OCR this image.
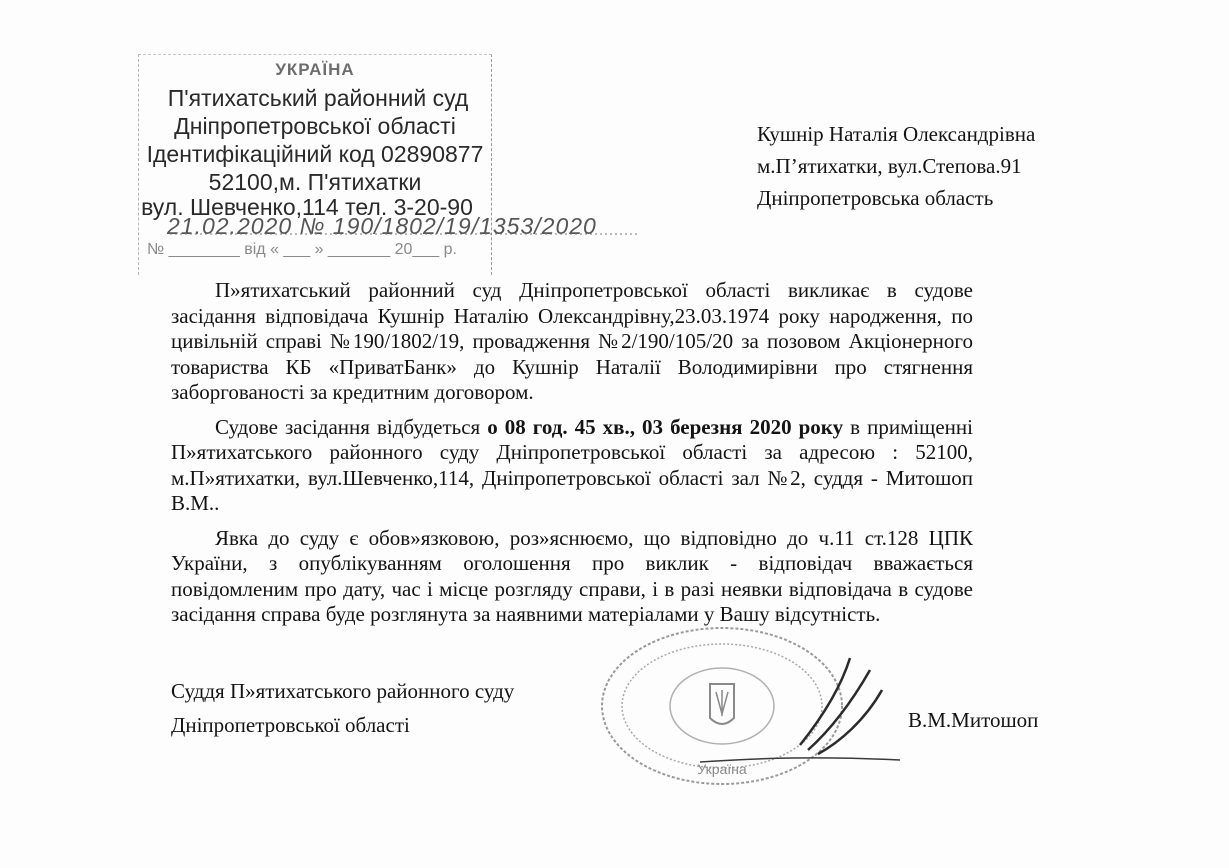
УКРАЇНА
П'ятихатський районний суд
Дніпропетровської області
Ідентифікаційний код 02890877
52100,м. П'ятихатки
вул. Шевченко,114 тел. 3-20-90
21.02.2020 № 190/1802/19/1353/2020
№ ________ від « ___ » _______ 20___ р.
Кушнір Наталія Олександрівна
м.П’ятихатки, вул.Степова.91
Дніпропетровська область
Україна

П»ятихатський районний суд Дніпропетровської області викликає в судове засідання відповідача Кушнір Наталію Олександрівну,23.03.1974 року народження, по цивільній справі №190/1802/19, провадження №2/190/105/20 за позовом Акціонерного товариства КБ «ПриватБанк» до Кушнір Наталії Володимирівни про стягнення заборгованості за кредитним договором.

Судове засідання відбудеться о 08 год. 45 хв., 03 березня 2020 року в приміщенні П»ятихатського районного суду Дніпропетровської області за адресою : 52100, м.П»ятихатки, вул.Шевченко,114, Дніпропетровської області зал №2, суддя - Митошоп В.М..

Явка до суду є обов»язковою, роз»яснюємо, що відповідно до ч.11 ст.128 ЦПК України, з опублікуванням оголошення про виклик - відповідач вважається повідомленим про дату, час і місце розгляду справи, і в разі неявки відповідача в судове засідання справа буде розглянута за наявними матеріалами у Вашу відсутність.

Суддя П»ятихатського районного суду
Дніпропетровської області	В.М.Митошоп
